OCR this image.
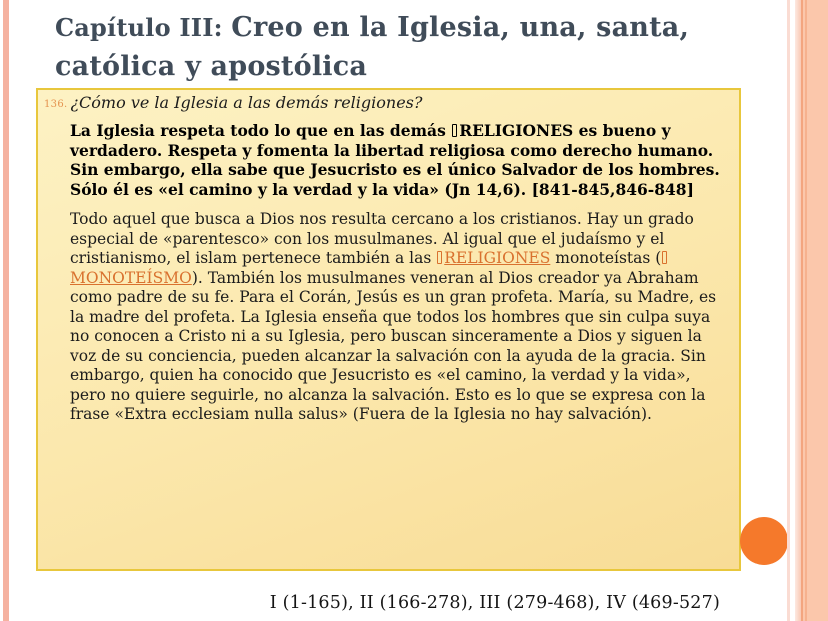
Capítulo III: Creo en la Iglesia, una, santa, católica y apostólica
136. ¿Cómo ve la Iglesia a las demás religiones?

La Iglesia respeta todo lo que en las demás RELIGIONES es bueno y verdadero. Respeta y fomenta la libertad religiosa como derecho humano. Sin embargo, ella sabe que Jesucristo es el único Salvador de los hombres. Sólo él es «el camino y la verdad y la vida» (Jn 14,6). [841-845,846-848]

Todo aquel que busca a Dios nos resulta cercano a los cristianos. Hay un grado especial de «parentesco» con los musulmanes. Al igual que el judaísmo y el cristianismo, el islam pertenece también a las RELIGIONES monoteístas ( MONOTEÍSMO). También los musulmanes veneran al Dios creador ya Abraham como padre de su fe. Para el Corán, Jesús es un gran profeta. María, su Madre, es la madre del profeta. La Iglesia enseña que todos los hombres que sin culpa suya no conocen a Cristo ni a su Iglesia, pero buscan sinceramente a Dios y siguen la voz de su conciencia, pueden alcanzar la salvación con la ayuda de la gracia. Sin embargo, quien ha conocido que Jesucristo es «el camino, la verdad y la vida», pero no quiere seguirle, no alcanza la salvación. Esto es lo que se expresa con la frase «Extra ecclesiam nulla salus» (Fuera de la Iglesia no hay salvación).

I (1-165), II (166-278), III (279-468), IV (469-527)
